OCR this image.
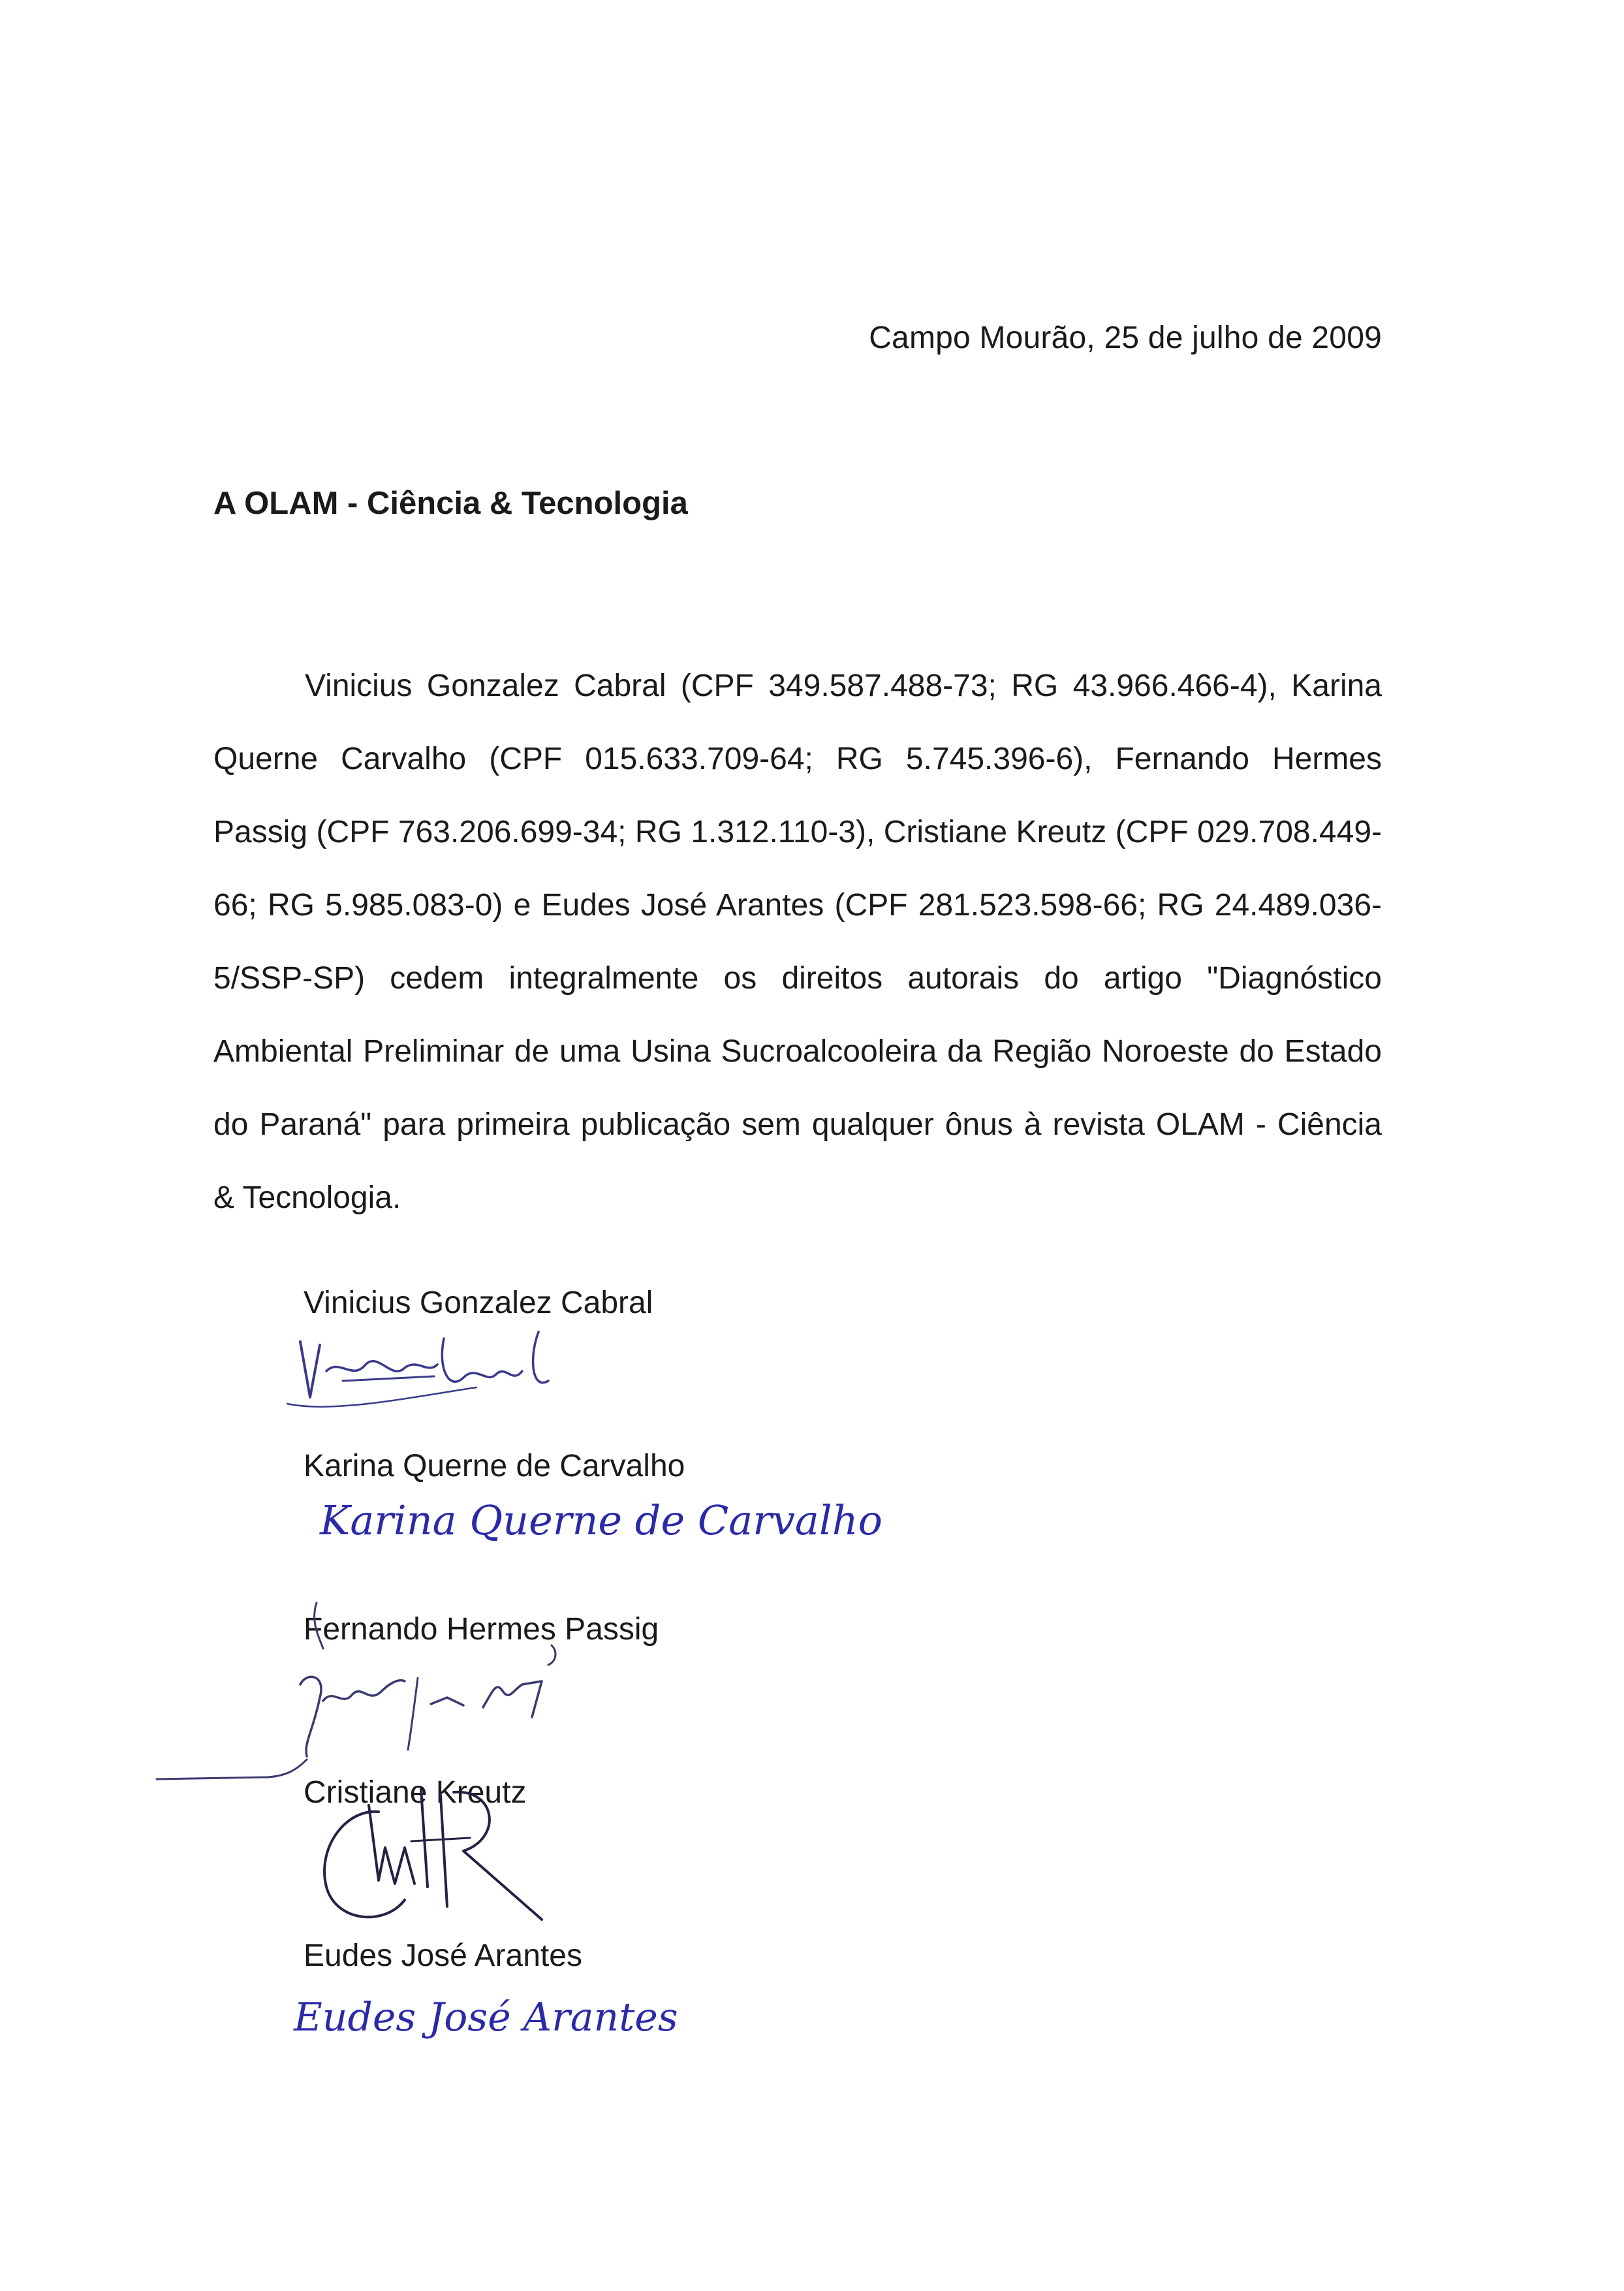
Campo Mourão, 25 de julho de 2009
A OLAM - Ciência & Tecnologia

Vinicius Gonzalez Cabral (CPF 349.587.488-73; RG 43.966.466-4), Karina Querne Carvalho (CPF 015.633.709-64; RG 5.745.396-6), Fernando Hermes Passig (CPF 763.206.699-34; RG 1.312.110-3), Cristiane Kreutz (CPF 029.708.449-66; RG 5.985.083-0) e Eudes José Arantes (CPF 281.523.598-66; RG 24.489.036-5/SSP-SP) cedem integralmente os direitos autorais do artigo "Diagnóstico Ambiental Preliminar de uma Usina Sucroalcooleira da Região Noroeste do Estado do Paraná" para primeira publicação sem qualquer ônus à revista OLAM - Ciência & Tecnologia.

Vinicius Gonzalez Cabral
Karina Querne de Carvalho
Karina Querne de Carvalho
Fernando Hermes Passig
Cristiane Kreutz
Eudes José Arantes
Eudes José Arantes
